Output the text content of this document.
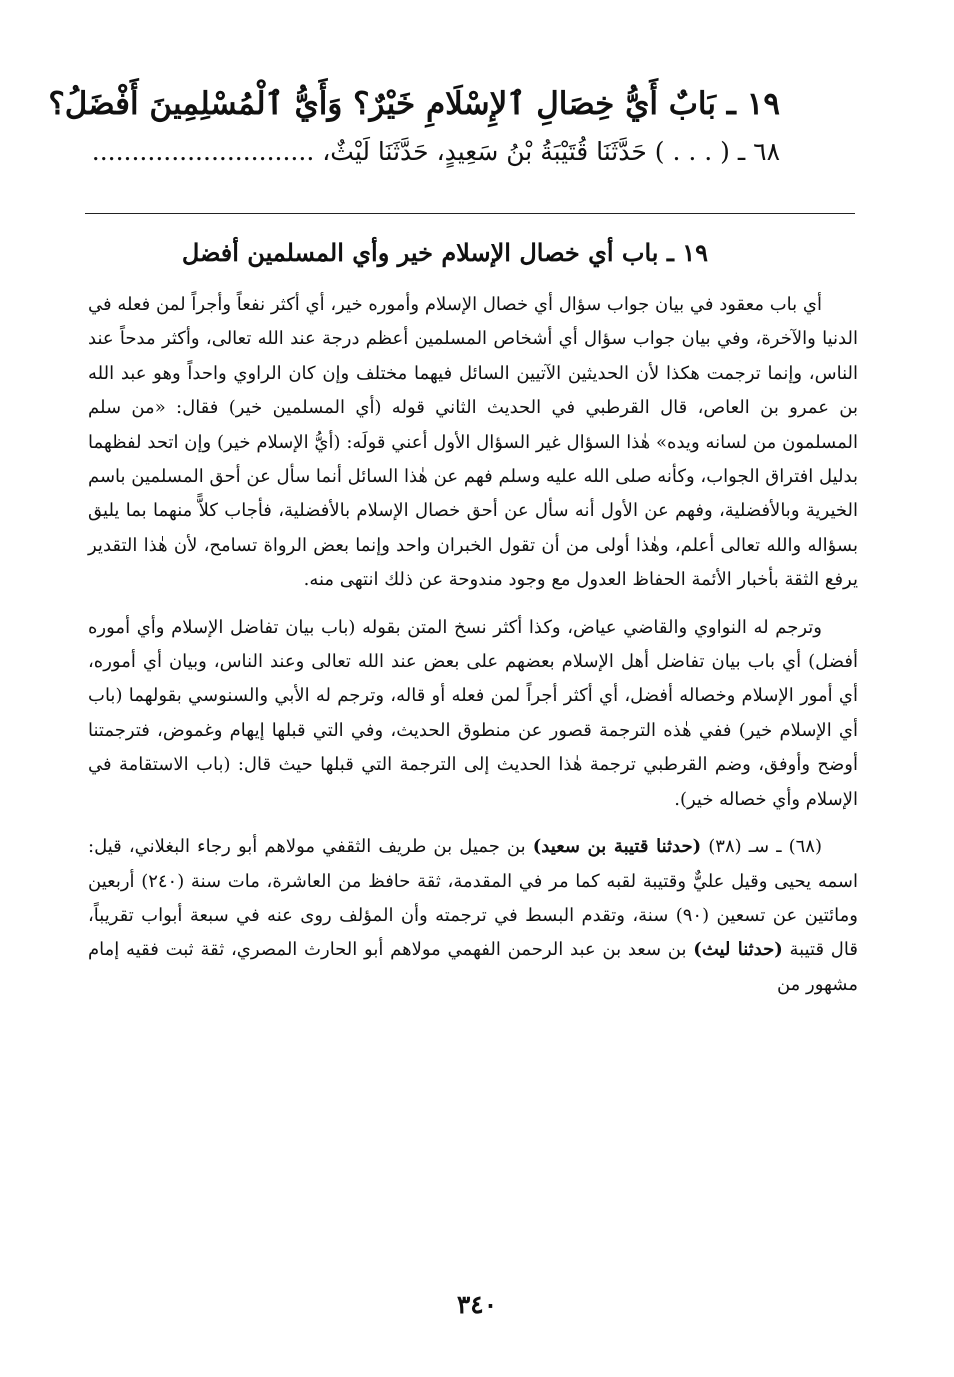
١٩ ـ بَابٌ أَيُّ خِصَالِ ٱلإِسْلَامِ خَيْرٌ؟ وَأَيُّ ٱلْمُسْلِمِينَ أَفْضَلُ؟

٦٨ ـ ( . . . ) حَدَّثَنَا قُتَيْبَةُ بْنُ سَعِيدٍ، حَدَّثَنَا لَيْثٌ، ............................

١٩ ـ باب أي خصال الإسلام خير وأي المسلمين أفضل

أي باب معقود في بيان جواب سؤال أي خصال الإسلام وأموره خير، أي أكثر نفعاً وأجراً لمن فعله في الدنيا والآخرة، وفي بيان جواب سؤال أي أشخاص المسلمين أعظم درجة عند الله تعالى، وأكثر مدحاً عند الناس، وإنما ترجمت هكذا لأن الحديثين الآتيين السائل فيهما مختلف وإن كان الراوي واحداً وهو عبد الله بن عمرو بن العاص، قال القرطبي في الحديث الثاني قوله (أي المسلمين خير) فقال: «من سلم المسلمون من لسانه ويده» هٰذا السؤال غير السؤال الأول أعني قولَه: (أيُّ الإسلام خير) وإن اتحد لفظهما بدليل افتراق الجواب، وكأنه صلى الله عليه وسلم فهم عن هٰذا السائل أنما سأل عن أحق المسلمين باسم الخيرية وبالأفضلية، وفهم عن الأول أنه سأل عن أحق خصال الإسلام بالأفضلية، فأجاب كلاًّ منهما بما يليق بسؤاله والله تعالى أعلم، وهٰذا أولى من أن تقول الخبران واحد وإنما بعض الرواة تسامح، لأن هٰذا التقدير يرفع الثقة بأخبار الأئمة الحفاظ العدول مع وجود مندوحة عن ذلك انتهى منه.

وترجم له النواوي والقاضي عياض، وكذا أكثر نسخ المتن بقوله (باب بيان تفاضل الإسلام وأي أموره أفضل) أي باب بيان تفاضل أهل الإسلام بعضهم على بعض عند الله تعالى وعند الناس، وبيان أي أموره، أي أمور الإسلام وخصاله أفضل، أي أكثر أجراً لمن فعله أو قاله، وترجم له الأبي والسنوسي بقولهما (باب أي الإسلام خير) ففي هٰذه الترجمة قصور عن منطوق الحديث، وفي التي قبلها إيهام وغموض، فترجمتنا أوضح وأوفق، وضم القرطبي ترجمة هٰذا الحديث إلى الترجمة التي قبلها حيث قال: (باب الاستقامة في الإسلام وأي خصاله خير).

(٦٨) ـ سـ (٣٨) (حدثنا قتيبة بن سعيد) بن جميل بن طريف الثقفي مولاهم أبو رجاء البغلاني، قيل: اسمه يحيى وقيل عليٌّ وقتيبة لقبه كما مر في المقدمة، ثقة حافظ من العاشرة، مات سنة (٢٤٠) أربعين ومائتين عن تسعين (٩٠) سنة، وتقدم البسط في ترجمته وأن المؤلف روى عنه في سبعة أبواب تقريباً، قال قتيبة (حدثنا ليث) بن سعد بن عبد الرحمن الفهمي مولاهم أبو الحارث المصري، ثقة ثبت فقيه إمام مشهور من

٣٤٠
